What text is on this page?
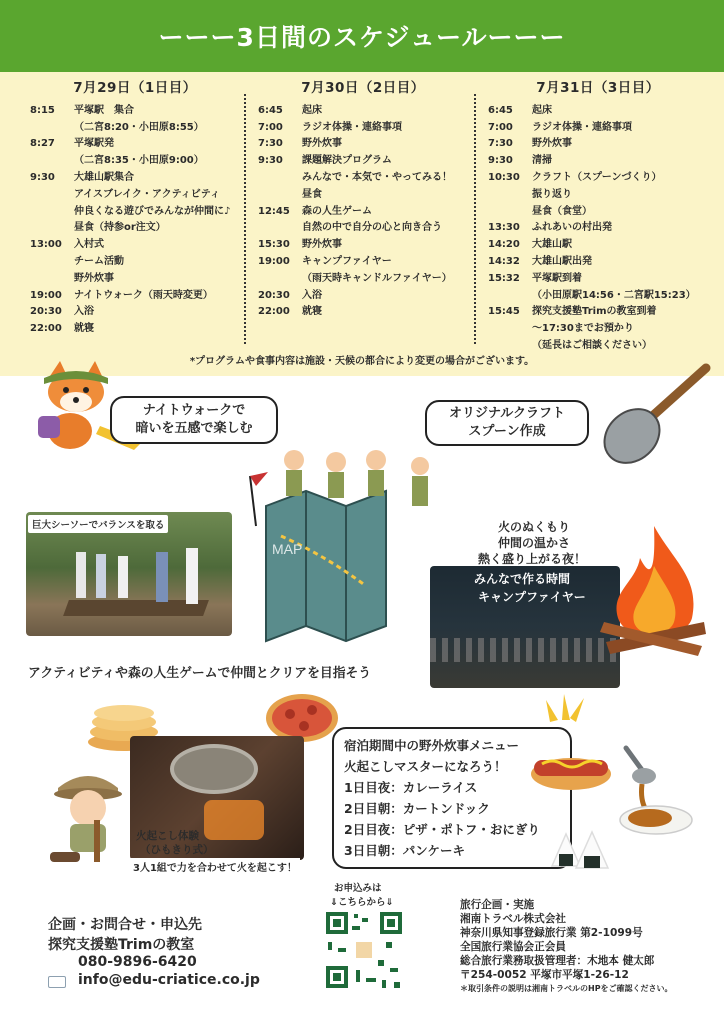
ーーー3日間のスケジュールーーー
7月29日（1日目）
8:15	平塚駅　集合
（二宮8:20・小田原8:55）
8:27	平塚駅発
（二宮8:35・小田原9:00）
9:30	大雄山駅集合
アイスブレイク・アクティビティ
仲良くなる遊びでみんなが仲間に♪
昼食（持参or注文）
13:00	入村式
チーム活動
野外炊事
19:00	ナイトウォーク（雨天時変更）
20:30	入浴
22:00	就寝
7月30日（2日目）
6:45	起床
7:00	ラジオ体操・連絡事項
7:30	野外炊事
9:30	課題解決プログラム
みんなで・本気で・やってみる！
昼食
12:45	森の人生ゲーム
自然の中で自分の心と向き合う
15:30	野外炊事
19:00	キャンプファイヤー
（雨天時キャンドルファイヤー）
20:30	入浴
22:00	就寝
7月31日（3日目）
6:45	起床
7:00	ラジオ体操・連絡事項
7:30	野外炊事
9:30	清掃
10:30	クラフト（スプーンづくり）
振り返り
昼食（食堂）
13:30	ふれあいの村出発
14:20	大雄山駅
14:32	大雄山駅出発
15:32	平塚駅到着
（小田原駅14:56・二宮駅15:23）
15:45	探究支援塾Trimの教室到着
〜17:30までお預かり
（延長はご相談ください）
*プログラムや食事内容は施設・天候の都合により変更の場合がございます。
ナイトウォークで
暗いを五感で楽しむ
オリジナルクラフト
スプーン作成
巨大シーソーでバランスを取る
MAP
火のぬくもり
仲間の温かさ
熱く盛り上がる夜！
みんなで作る時間
キャンプファイヤー
アクティビティや森の人生ゲームで仲間とクリアを目指そう
火起こし体験
（ひもきり式）
3人1組で力を合わせて火を起こす！
宿泊期間中の野外炊事メニュー
火起こしマスターになろう！
1日目夜：カレーライス
2日目朝：カートンドック
2日目夜：ピザ・ポトフ・おにぎり
3日目朝：パンケーキ
企画・お問合せ・申込先
探究支援塾Trimの教室
080-9896-6420
info@edu-criatice.co.jp
お申込みは
⇓こちらから⇓	旅行企画・実施
湘南トラベル株式会社
神奈川県知事登録旅行業 第2-1099号
全国旅行業協会正会員
総合旅行業務取扱管理者：木地本 健太郎
〒254-0052 平塚市平塚1-26-12
＊取引条件の説明は湘南トラベルのHPをご確認ください。
